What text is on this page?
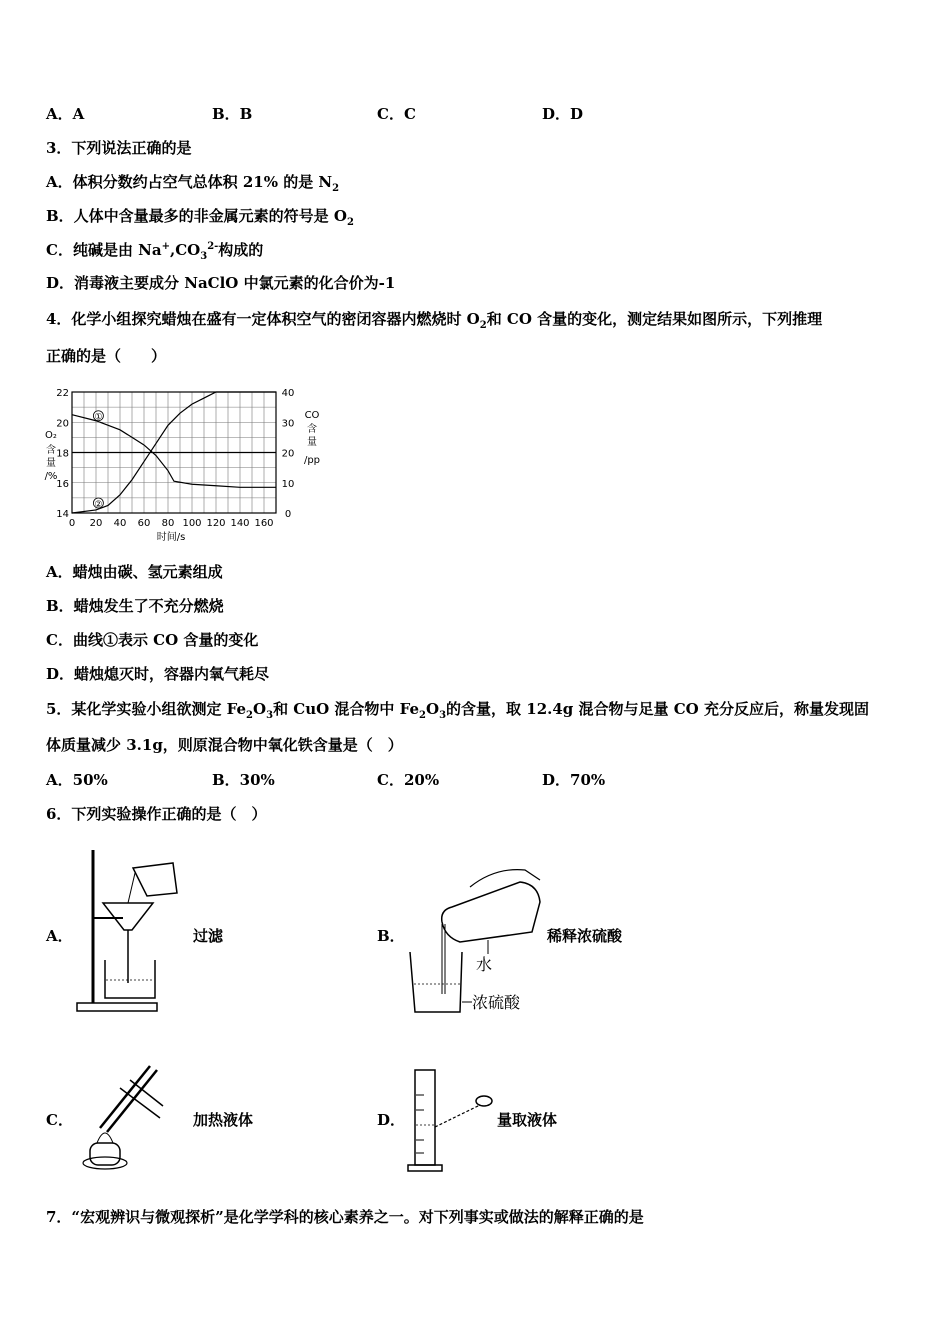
A．A	B．B	C．C	D．D
3．下列说法正确的是
A．体积分数约占空气总体积 21% 的是 $N_2$
B．人体中含量最多的非金属元素的符号是 $O_2$
C．纯碱是由 $Na^+,CO_3^{2-}$构成的
D．消毒液主要成分 NaClO 中氯元素的化合价为-1
4．化学小组探究蜡烛在盛有一定体积空气的密闭容器内燃烧时 $O_2$和 CO 含量的变化，测定结果如图所示，下列推理
正确的是（　　）
0 20 40 60 80 100 120 140 160
14
16
18
20
22
0
10
20
30
40
①
②
O₂
含
量
/%
CO
含
量
/pp
时间/s
A．蜡烛由碳、氢元素组成
B．蜡烛发生了不充分燃烧
C．曲线①表示 CO 含量的变化
D．蜡烛熄灭时，容器内氧气耗尽
5．某化学实验小组欲测定 $Fe_2O_3$和 CuO 混合物中 $Fe_2O_3$的含量，取 12.4g 混合物与足量 CO 充分反应后，称量发现固
体质量减少 3.1g，则原混合物中氧化铁含量是（　）
A．50%	B．30%	C．20%	D．70%
6．下列实验操作正确的是（　）
A．	过滤	B．
水
浓硫酸
稀释浓硫酸
C．	加热液体	D．	量取液体
7．“宏观辨识与微观探析”是化学学科的核心素养之一。对下列事实或做法的解释正确的是
